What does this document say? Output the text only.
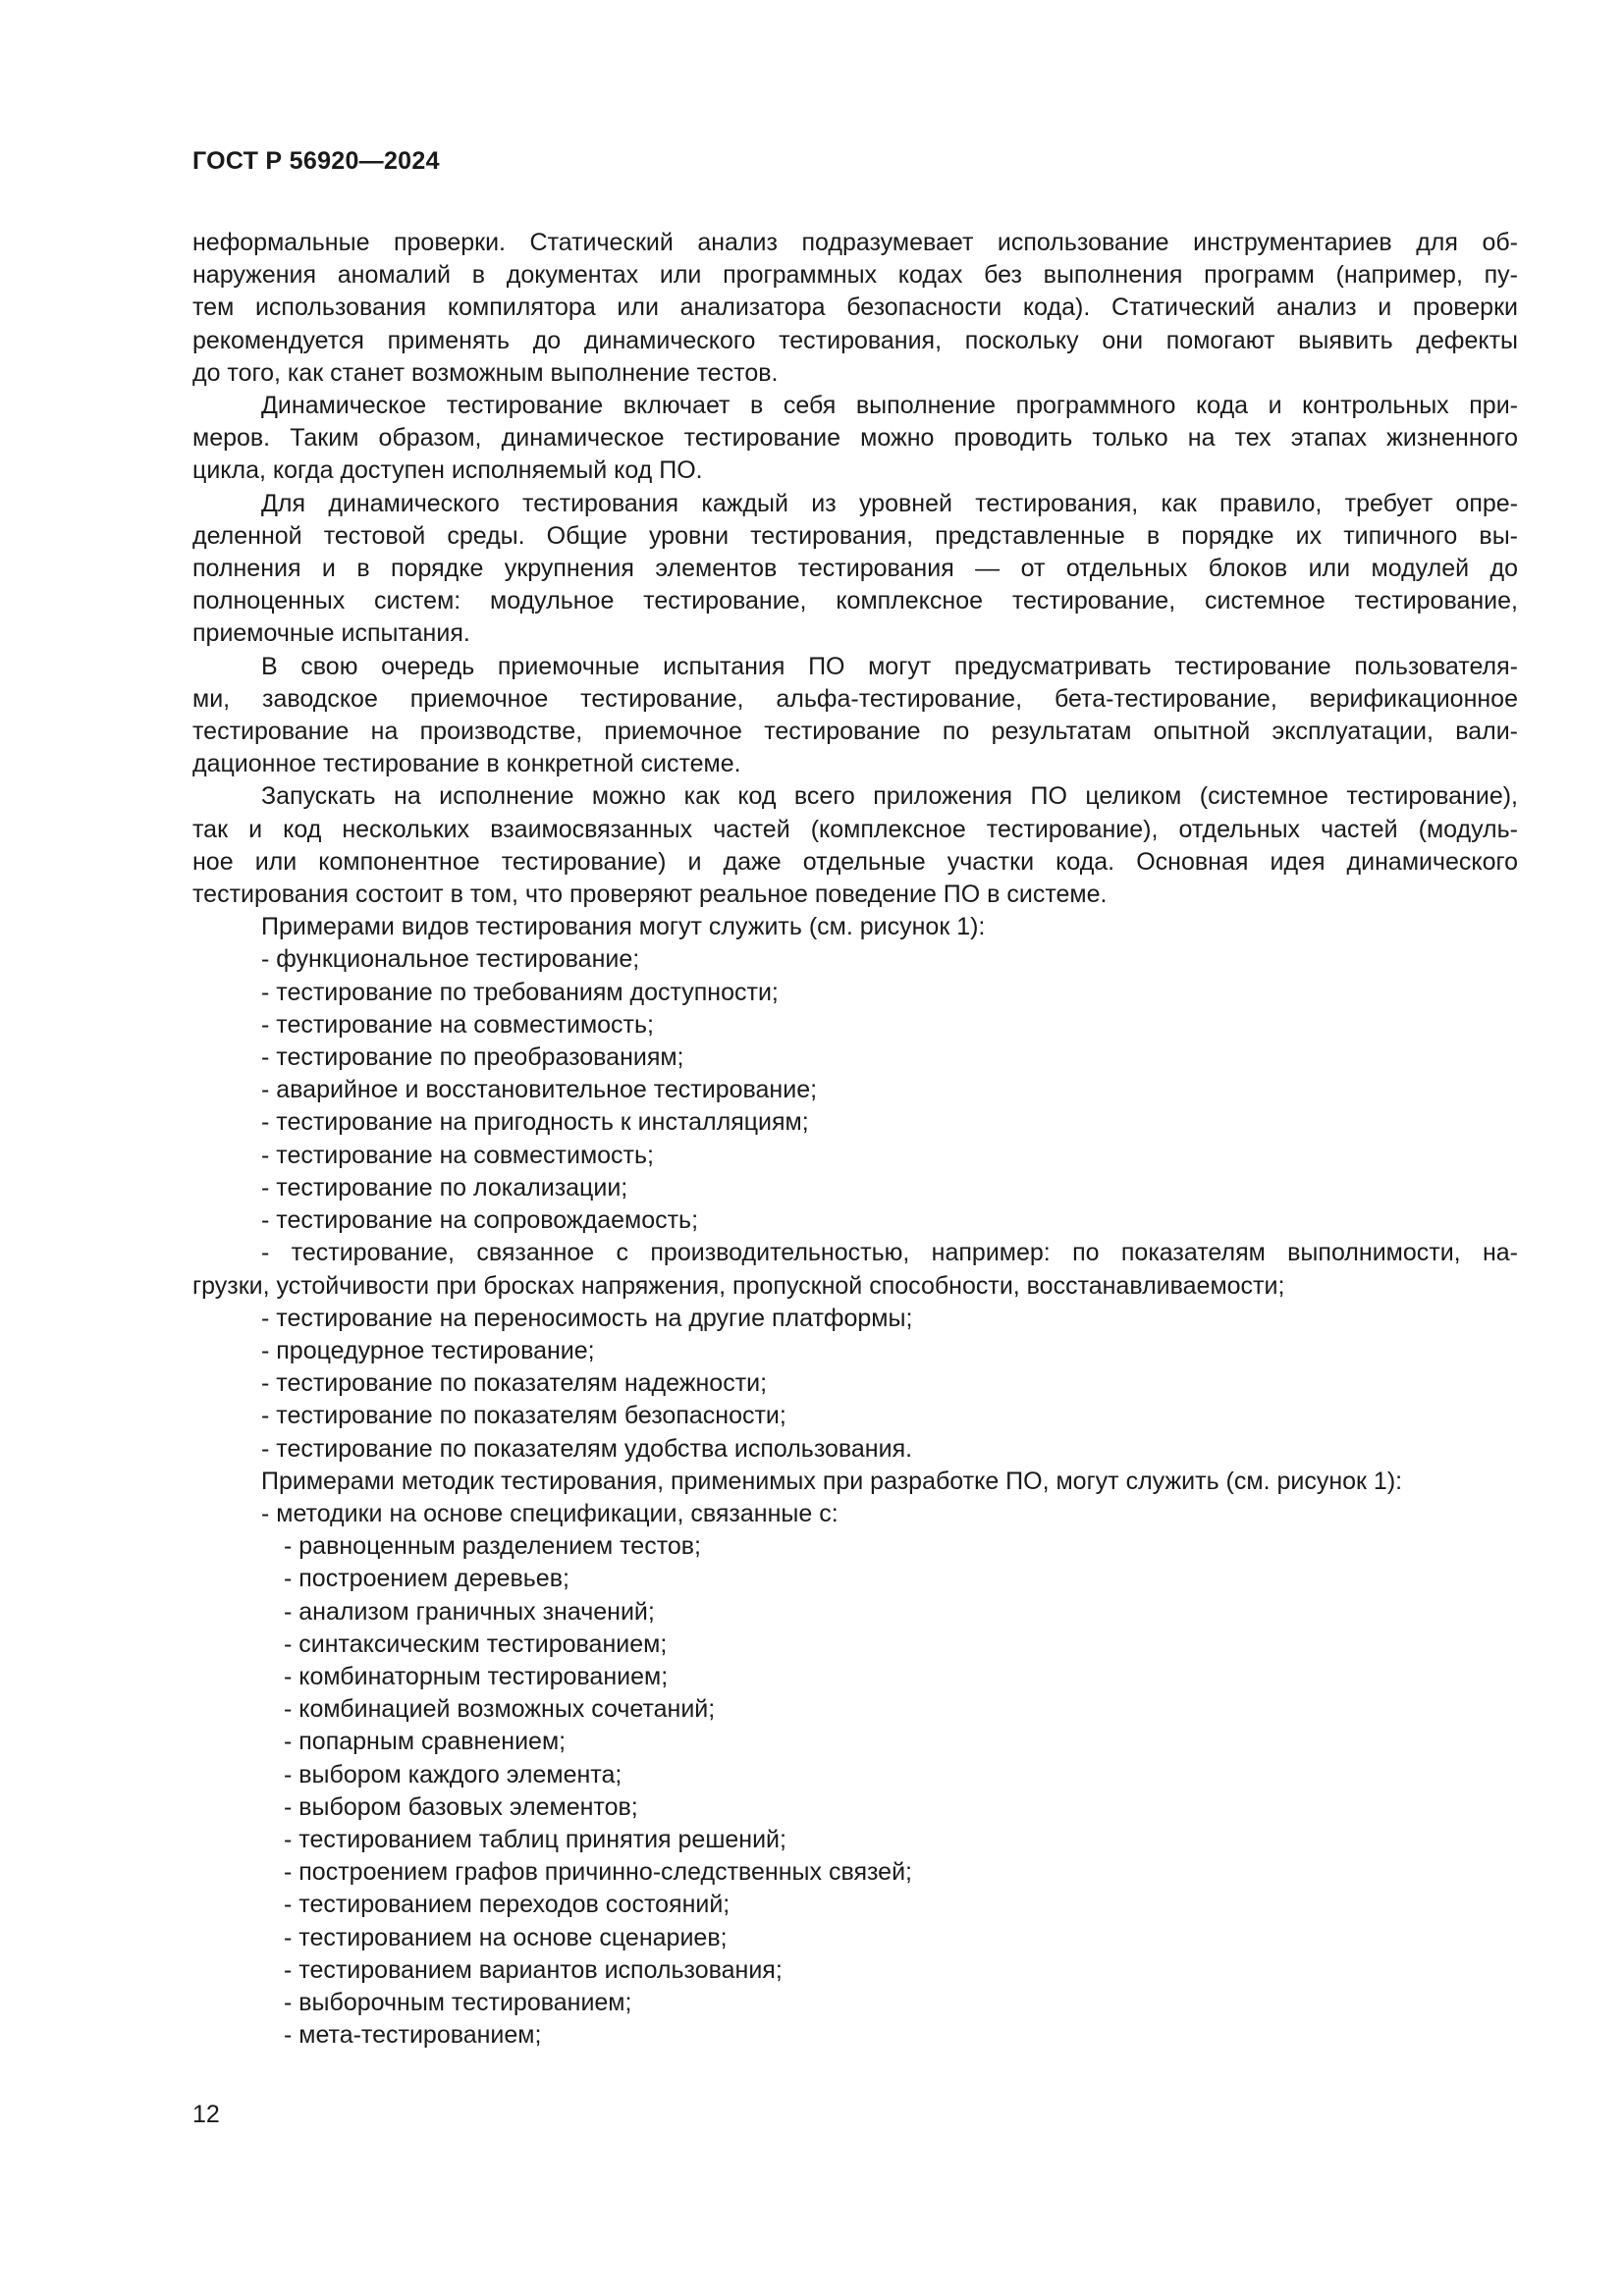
ГОСТ Р 56920—2024
неформальные проверки. Статический анализ подразумевает использование инструментариев для об-
наружения аномалий в документах или программных кодах без выполнения программ (например, пу-
тем использования компилятора или анализатора безопасности кода). Статический анализ и проверки
рекомендуется применять до динамического тестирования, поскольку они помогают выявить дефекты
до того, как станет возможным выполнение тестов.
Динамическое тестирование включает в себя выполнение программного кода и контрольных при-
меров. Таким образом, динамическое тестирование можно проводить только на тех этапах жизненного
цикла, когда доступен исполняемый код ПО.
Для динамического тестирования каждый из уровней тестирования, как правило, требует опре-
деленной тестовой среды. Общие уровни тестирования, представленные в порядке их типичного вы-
полнения и в порядке укрупнения элементов тестирования — от отдельных блоков или модулей до
полноценных систем: модульное тестирование, комплексное тестирование, системное тестирование,
приемочные испытания.
В свою очередь приемочные испытания ПО могут предусматривать тестирование пользователя-
ми, заводское приемочное тестирование, альфа-тестирование, бета-тестирование, верификационное
тестирование на производстве, приемочное тестирование по результатам опытной эксплуатации, вали-
дационное тестирование в конкретной системе.
Запускать на исполнение можно как код всего приложения ПО целиком (системное тестирование),
так и код нескольких взаимосвязанных частей (комплексное тестирование), отдельных частей (модуль-
ное или компонентное тестирование) и даже отдельные участки кода. Основная идея динамического
тестирования состоит в том, что проверяют реальное поведение ПО в системе.
Примерами видов тестирования могут служить (см. рисунок 1):
- функциональное тестирование;
- тестирование по требованиям доступности;
- тестирование на совместимость;
- тестирование по преобразованиям;
- аварийное и восстановительное тестирование;
- тестирование на пригодность к инсталляциям;
- тестирование на совместимость;
- тестирование по локализации;
- тестирование на сопровождаемость;
- тестирование, связанное с производительностью, например: по показателям выполнимости, на-
грузки, устойчивости при бросках напряжения, пропускной способности, восстанавливаемости;
- тестирование на переносимость на другие платформы;
- процедурное тестирование;
- тестирование по показателям надежности;
- тестирование по показателям безопасности;
- тестирование по показателям удобства использования.
Примерами методик тестирования, применимых при разработке ПО, могут служить (см. рисунок 1):
- методики на основе спецификации, связанные с:
- равноценным разделением тестов;
- построением деревьев;
- анализом граничных значений;
- синтаксическим тестированием;
- комбинаторным тестированием;
- комбинацией возможных сочетаний;
- попарным сравнением;
- выбором каждого элемента;
- выбором базовых элементов;
- тестированием таблиц принятия решений;
- построением графов причинно-следственных связей;
- тестированием переходов состояний;
- тестированием на основе сценариев;
- тестированием вариантов использования;
- выборочным тестированием;
- мета-тестированием;
12
